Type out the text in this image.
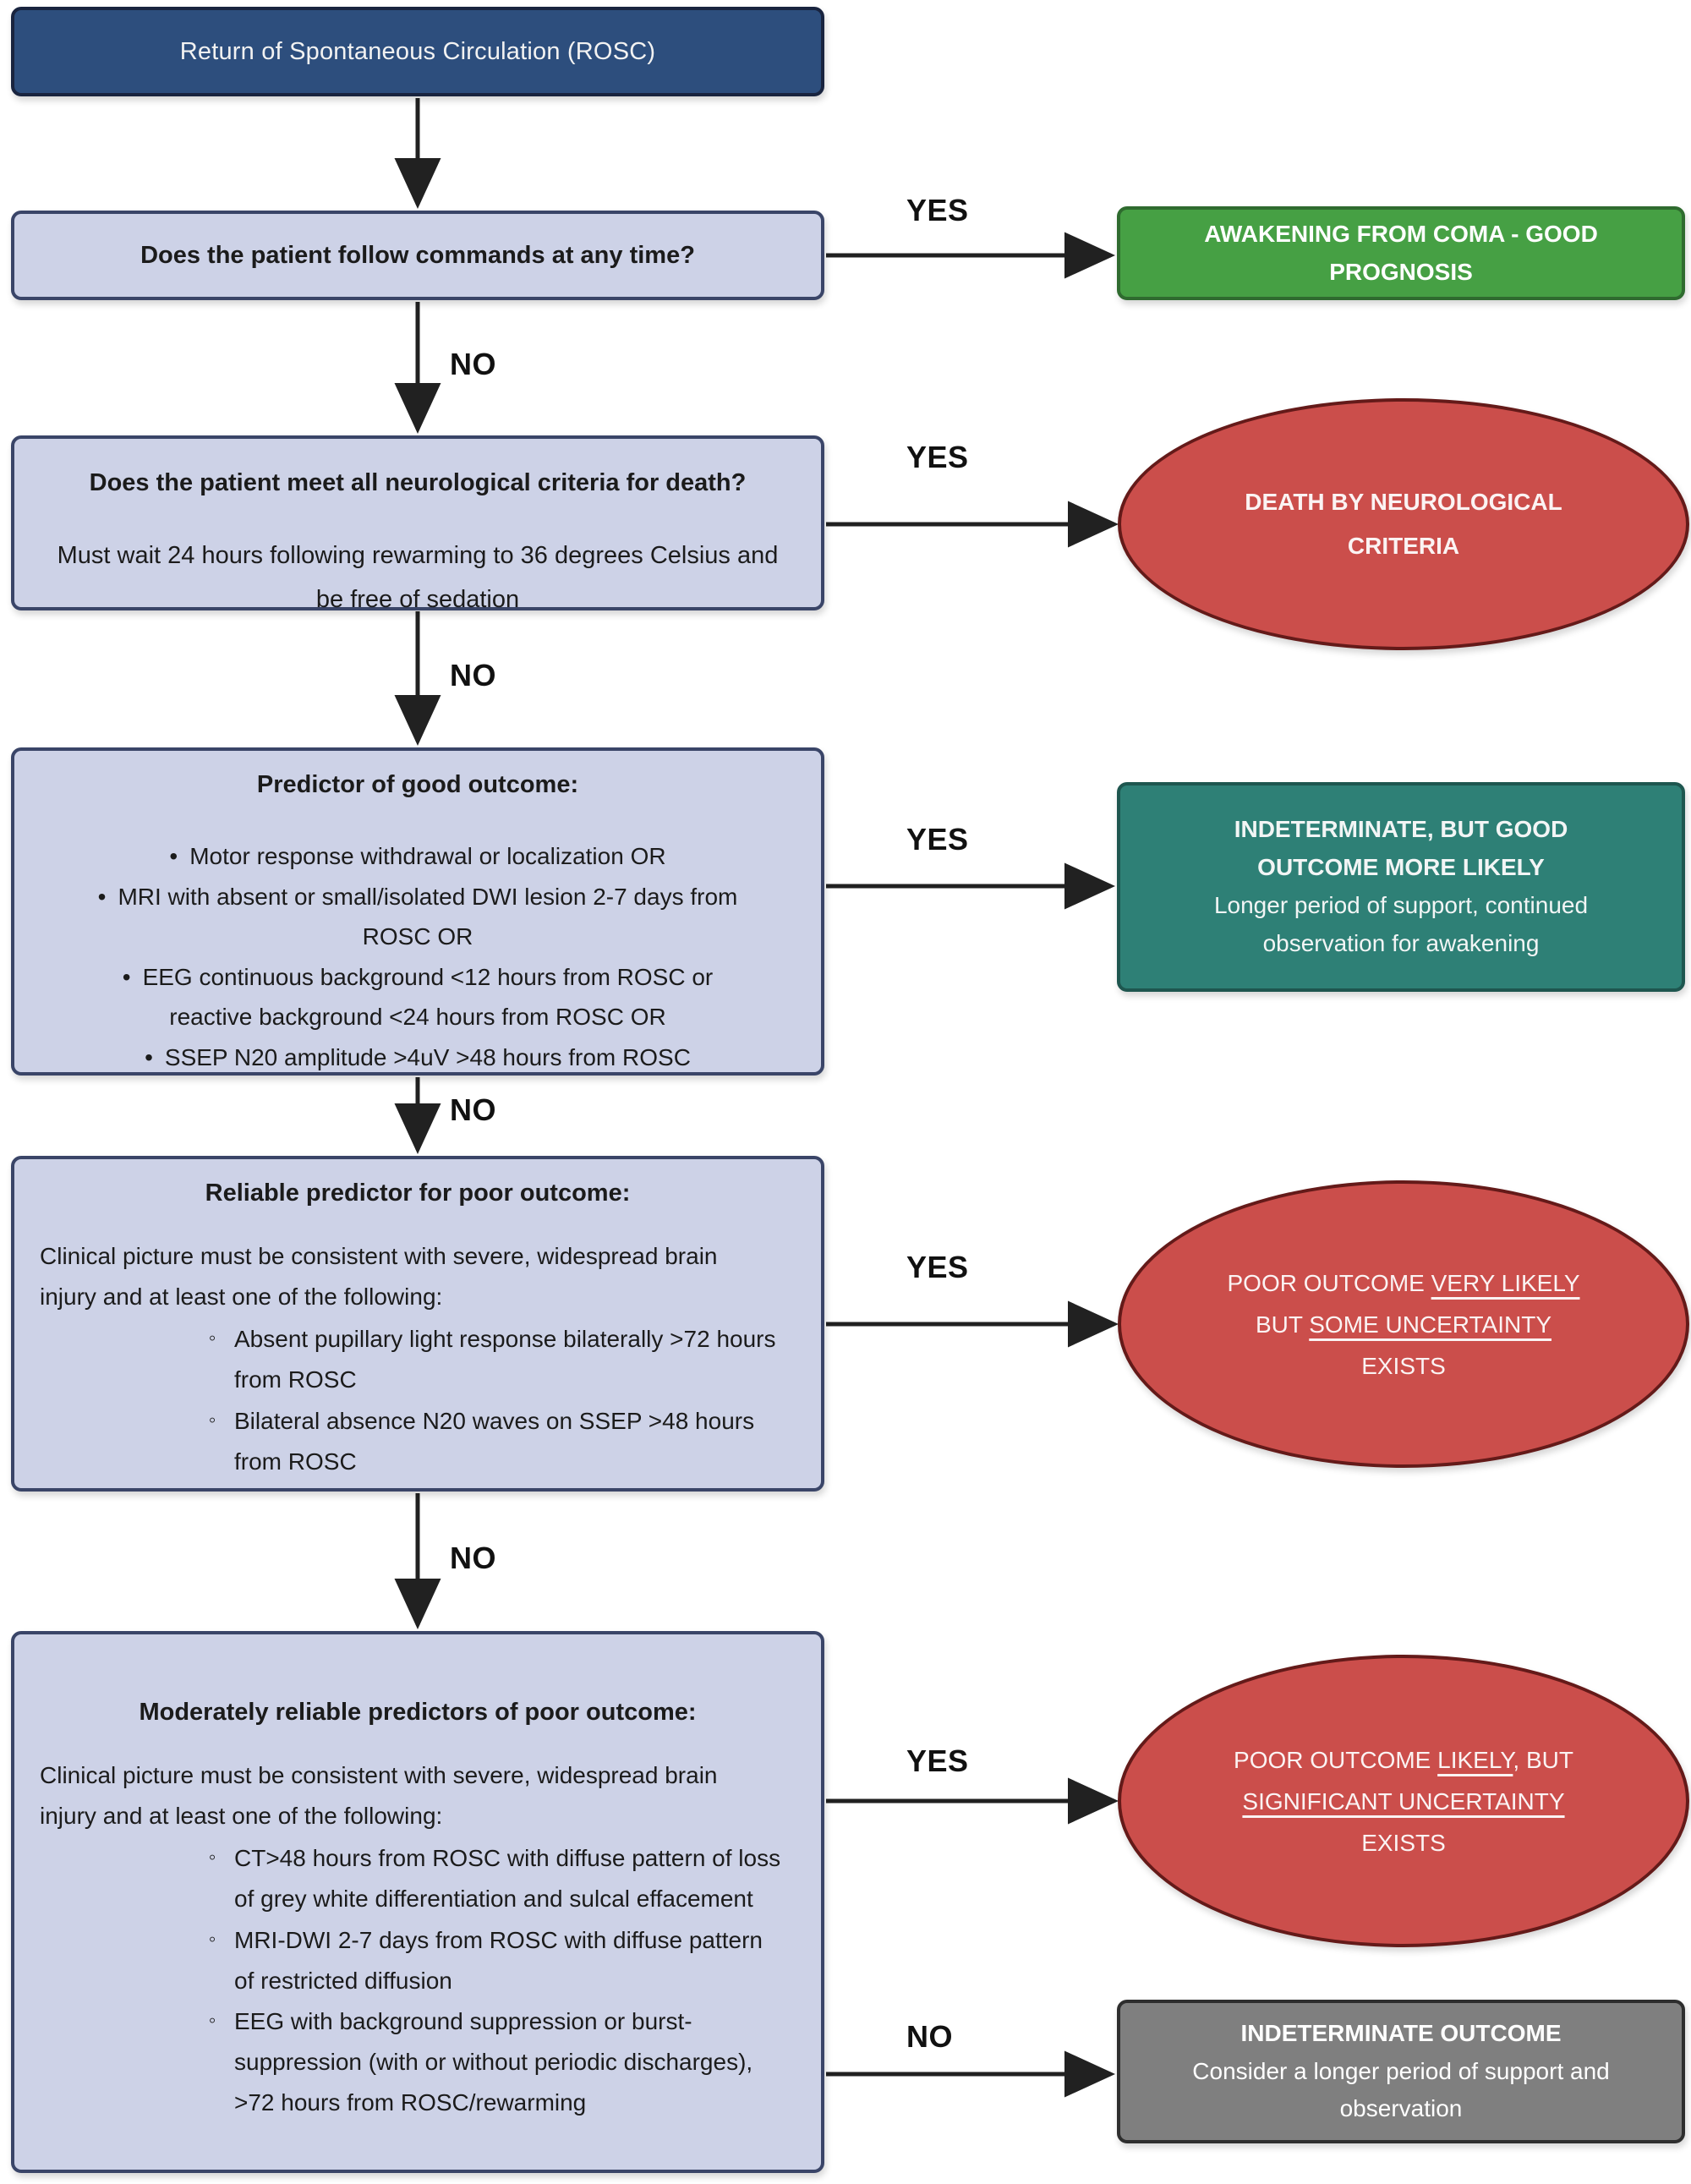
Return of Spontaneous Circulation (ROSC)
Does the patient follow commands at any time?
AWAKENING FROM COMA - GOOD PROGNOSIS
Does the patient meet all neurological criteria for death?
Must wait 24 hours following rewarming to 36 degrees Celsius and be free of sedation
DEATH BY NEUROLOGICAL CRITERIA
Predictor of good outcome:
• Motor response withdrawal or localization OR
• MRI with absent or small/isolated DWI lesion 2-7 days from ROSC OR
• EEG continuous background <12 hours from ROSC or reactive background <24 hours from ROSC OR
• SSEP N20 amplitude >4uV >48 hours from ROSC
INDETERMINATE, BUT GOOD OUTCOME MORE LIKELY
Longer period of support, continued observation for awakening
Reliable predictor for poor outcome:
Clinical picture must be consistent with severe, widespread brain injury and at least one of the following:
◦ Absent pupillary light response bilaterally >72 hours from ROSC
◦ Bilateral absence N20 waves on SSEP >48 hours from ROSC
POOR OUTCOME VERY LIKELY
BUT SOME UNCERTAINTY
EXISTS
Moderately reliable predictors of poor outcome:
Clinical picture must be consistent with severe, widespread brain injury and at least one of the following:
◦ CT>48 hours from ROSC with diffuse pattern of loss of grey white differentiation and sulcal effacement
◦ MRI-DWI 2-7 days from ROSC with diffuse pattern of restricted diffusion
◦ EEG with background suppression or burst-suppression (with or without periodic discharges), >72 hours from ROSC/rewarming
POOR OUTCOME LIKELY, BUT
SIGNIFICANT UNCERTAINTY
EXISTS
INDETERMINATE OUTCOME
Consider a longer period of support and observation
YES
NO
YES
NO
YES
NO
YES
NO
YES
NO
